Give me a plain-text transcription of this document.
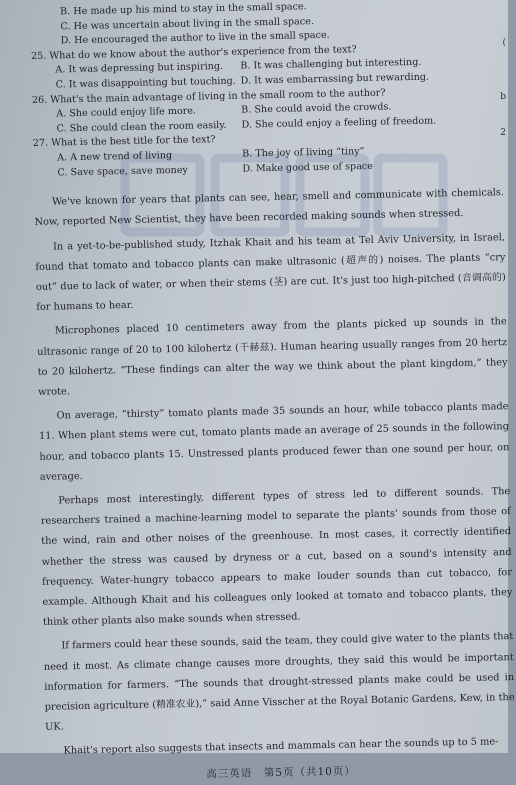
(
b
2
B. He made up his mind to stay in the small space.
C. He was uncertain about living in the small space.
D. He encouraged the author to live in the small space.
25. What do we know about the author's experience from the text?
A. It was depressing but inspiring.	B. It was challenging but interesting.
C. It was disappointing but touching. D. It was embarrassing but rewarding.
26. What's the main advantage of living in the small room to the author?
A. She could enjoy life more.	B. She could avoid the crowds.
C. She could clean the room easily.	D. She could enjoy a feeling of freedom.
27. What is the best title for the text?
A. A new trend of living	B. The joy of living “tiny”
C. Save space, save money	D. Make good use of space

We've known for years that plants can see, hear, smell and communicate with chemicals. Now, reported New Scientist, they have been recorded making sounds when stressed.

In a yet-to-be-published study, Itzhak Khait and his team at Tel Aviv University, in Israel, found that tomato and tobacco plants can make ultrasonic (超声的) noises. The plants “cry out” due to lack of water, or when their stems (茎) are cut. It's just too high-pitched (音调高的) for humans to hear.

Microphones placed 10 centimeters away from the plants picked up sounds in the ultrasonic range of 20 to 100 kilohertz (千赫兹). Human hearing usually ranges from 20 hertz to 20 kilohertz. “These findings can alter the way we think about the plant kingdom,” they wrote.

On average, “thirsty” tomato plants made 35 sounds an hour, while tobacco plants made 11. When plant stems were cut, tomato plants made an average of 25 sounds in the following hour, and tobacco plants 15. Unstressed plants produced fewer than one sound per hour, on average.

Perhaps most interestingly, different types of stress led to different sounds. The researchers trained a machine-learning model to separate the plants' sounds from those of the wind, rain and other noises of the greenhouse. In most cases, it correctly identified whether the stress was caused by dryness or a cut, based on a sound's intensity and frequency. Water-hungry tobacco appears to make louder sounds than cut tobacco, for example. Although Khait and his colleagues only looked at tomato and tobacco plants, they think other plants also make sounds when stressed.

If farmers could hear these sounds, said the team, they could give water to the plants that need it most. As climate change causes more droughts, they said this would be important information for farmers. “The sounds that drought-stressed plants make could be used in precision agriculture (精准农业),” said Anne Visscher at the Royal Botanic Gardens, Kew, in the UK.

Khait's report also suggests that insects and mammals can hear the sounds up to 5 me-

高三英语　第5页（共10页）
